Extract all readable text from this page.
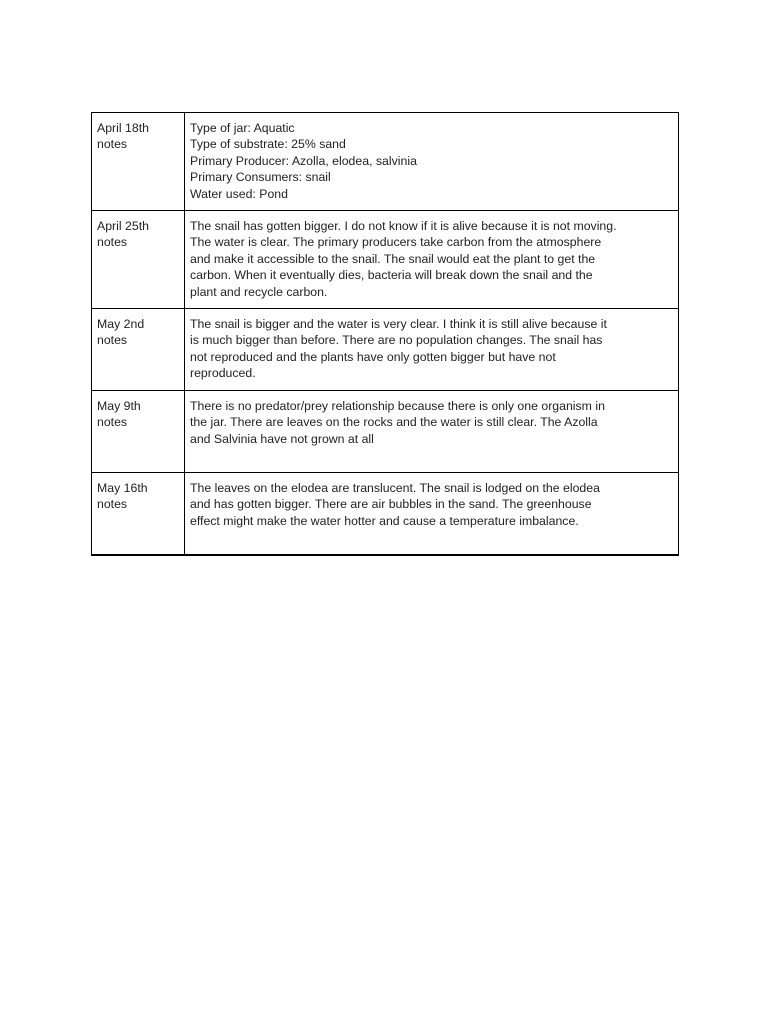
April 18th
notes	Type of jar: Aquatic
Type of substrate: 25% sand
Primary Producer: Azolla, elodea, salvinia
Primary Consumers: snail
Water used: Pond

April 25th
notes	The snail has gotten bigger. I do not know if it is alive because it is not moving.
The water is clear. The primary producers take carbon from the atmosphere
and make it accessible to the snail. The snail would eat the plant to get the
carbon. When it eventually dies, bacteria will break down the snail and the
plant and recycle carbon.

May 2nd
notes	The snail is bigger and the water is very clear. I think it is still alive because it
is much bigger than before. There are no population changes. The snail has
not reproduced and the plants have only gotten bigger but have not
reproduced.

May 9th
notes	There is no predator/prey relationship because there is only one organism in
the jar. There are leaves on the rocks and the water is still clear. The Azolla
and Salvinia have not grown at all

May 16th
notes	The leaves on the elodea are translucent. The snail is lodged on the elodea
and has gotten bigger. There are air bubbles in the sand. The greenhouse
effect might make the water hotter and cause a temperature imbalance.
